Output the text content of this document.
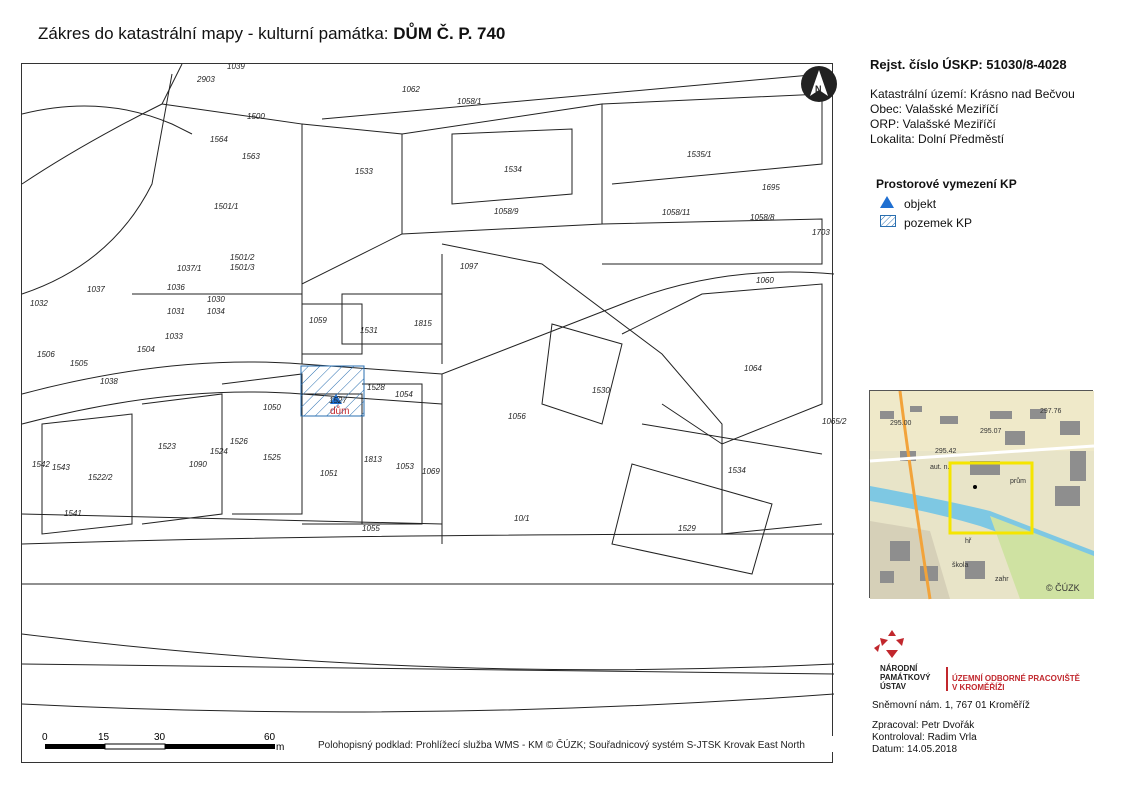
Zákres do katastrální mapy - kulturní památka: DŮM Č. P. 740
dům
2903
1039
1500
1564
1563
1501/1
1501/2
1501/3
1037/1
1036
1032
1037
1030
1031	1034
1033
1504
1506
1505
1038
1533
1058/1
1534
1058/9
1535/1
1058/11
1058/8
1703
1695
1097
1059
1531
1815
1060
1064
1530
1050
1527
1528
1054
1056
1523
1524
1525
1526
1090
1051
1813
1053
1069	1534
1529
1543
1522/2
1542
1541
1055
10/1
1062
1065/2
N
0	15	30	60
m	Polohopisný podklad: Prohlížecí služba WMS - KM © ČÚZK; Souřadnicový systém S-JTSK Krovak East North
Rejst. číslo ÚSKP: 51030/8-4028
Katastrální území: Krásno nad Bečvou
Obec: Valašské Meziříčí
ORP: Valašské Meziříčí
Lokalita: Dolní Předměstí
Prostorové vymezení KP
objekt
pozemek KP
295.00
297.76
295.42
295.07
aut. n.
prům
hř
škola
zahr
© ČÚZK
NÁRODNÍ
PAMÁTKOVÝ
ÚSTAV
ÚZEMNÍ ODBORNÉ PRACOVIŠTĚ
V KROMĚŘÍŽI
Sněmovní nám. 1, 767 01 Kroměříž
Zpracoval: Petr Dvořák
Kontroloval: Radim Vrla
Datum: 14.05.2018
